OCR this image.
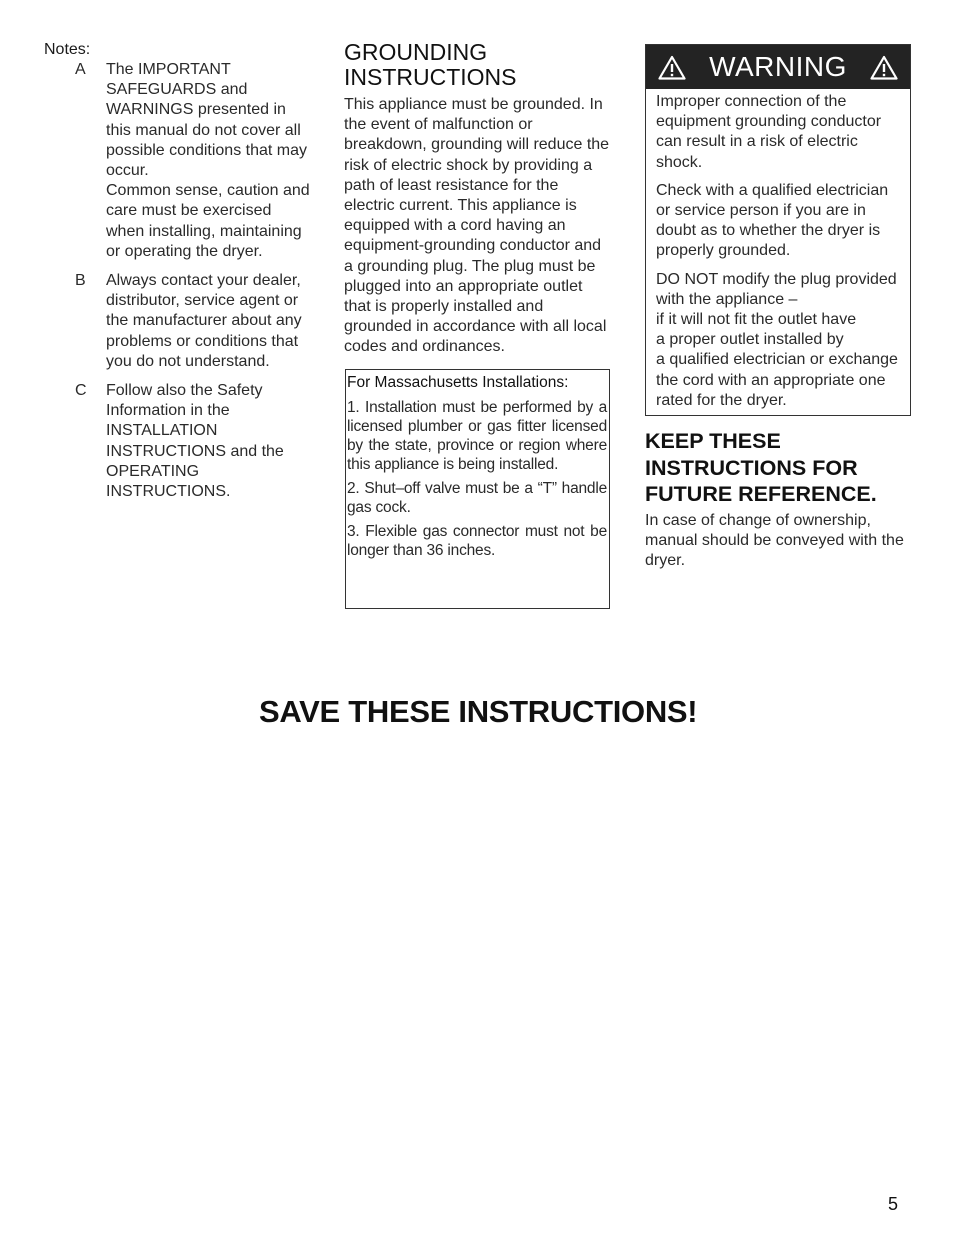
Notes:
A	The IMPORTANT SAFEGUARDS and WARNINGS presented in this manual do not cover all possible conditions that may occur.
Common sense, caution and care must be exercised when installing, maintaining or operating the dryer.
B	Always contact your dealer, distributor, service agent or the manufacturer about any problems or conditions that you do not understand.
C	Follow also the Safety Information in the INSTALLATION INSTRUCTIONS and the OPERATING INSTRUCTIONS.
GROUNDING
INSTRUCTIONS

This appliance must be grounded. In the event of malfunction or breakdown, grounding will reduce the risk of electric shock by providing a path of least resistance for the electric current. This appliance is equipped with a cord having an equipment-grounding conductor and a grounding plug. The plug must be plugged into an appropriate outlet that is properly installed and grounded in accordance with all local codes and ordinances.

For Massachusetts Installations:

1. Installation must be performed by a licensed plumber or gas fitter licensed by the state, province or region where this appliance is being installed.

2. Shut–off valve must be a “T” handle gas cock.

3. Flexible gas connector must not be longer than 36 inches.

WARNING

Improper connection of the equipment grounding conductor can result in a risk of electric shock.

Check with a qualified electrician or service person if you are in doubt as to whether the dryer is properly grounded.

DO NOT modify the plug provided with the appliance –
if it will not fit the outlet have
a proper outlet installed by
a qualified electrician or exchange the cord with an appropriate one rated for the dryer.

KEEP THESE
INSTRUCTIONS FOR
FUTURE REFERENCE.

In case of change of ownership, manual should be conveyed with the dryer.

SAVE THESE INSTRUCTIONS!
5
